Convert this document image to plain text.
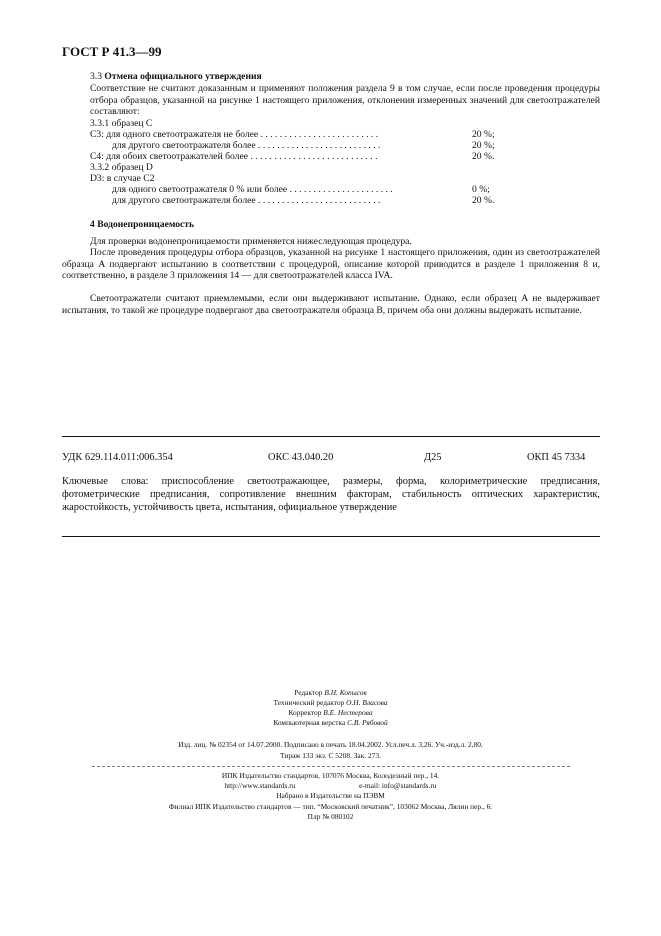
ГОСТ Р 41.3—99
3.3 Отмена официального утверждения
Соответствие не считают доказанным и применяют положения раздела 9 в том случае, если после проведения процедуры отбора образцов, указанной на рисунке 1 настоящего приложения, отклонения измеренных значений для светоотражателей составляют:
3.3.1 образец C
C3: для одного светоотражателя не более . . . . . . . . . . . . . . . . . . . . . . . . .	20 %;
для другого светоотражателя более . . . . . . . . . . . . . . . . . . . . . . . . . .	20 %;
C4: для обоих светоотражателей более . . . . . . . . . . . . . . . . . . . . . . . . . . .	20 %.
3.3.2 образец D
D3: в случае C2
для одного светоотражателя 0 % или более . . . . . . . . . . . . . . . . . . . . . .	0 %;
для другого светоотражателя более . . . . . . . . . . . . . . . . . . . . . . . . . .	20 %.
4 Водонепроницаемость
Для проверки водонепроницаемости применяется нижеследующая процедура.
После проведения процедуры отбора образцов, указанной на рисунке 1 настоящего приложения, один из светоотражателей образца A подвергают испытанию в соответствии с процедурой, описание которой приводится в разделе 1 приложения 8 и, соответственно, в разделе 3 приложения 14 — для светоотражателей класса IVA.
Светоотражатели считают приемлемыми, если они выдерживают испытание. Однако, если образец A не выдерживает испытания, то такой же процедуре подвергают два светоотражателя образца B, причем оба они должны выдержать испытание.
УДК 629.114.011:006.354	ОКС 43.040.20	Д25	ОКП 45 7334
Ключевые слова: приспособление светоотражающее, размеры, форма, колориметрические предписания, фотометрические предписания, сопротивление внешним факторам, стабильность оптических характеристик, жаростойкость, устойчивость цвета, испытания, официальное утверждение
Редактор В.Н. Копысов
Технический редактор О.Н. Власова
Корректор В.Е. Нестерова
Компьютерная верстка С.В. Рябовой
Изд. лиц. № 02354 от 14.07.2000. Подписано в печать 18.04.2002. Усл.печ.л. 3,26. Уч.-изд.л. 2,80.
Тираж 133 экз. С 5208. Зак. 273.
ИПК Издательство стандартов, 107076 Москва, Колодезный пер., 14.
http://www.standards.ru	e-mail: info@standards.ru
Набрано в Издательстве на ПЭВМ
Филиал ИПК Издательство стандартов — тип. “Московский печатник”, 103062 Москва, Лялин пер., 6.
Плр № 080102
